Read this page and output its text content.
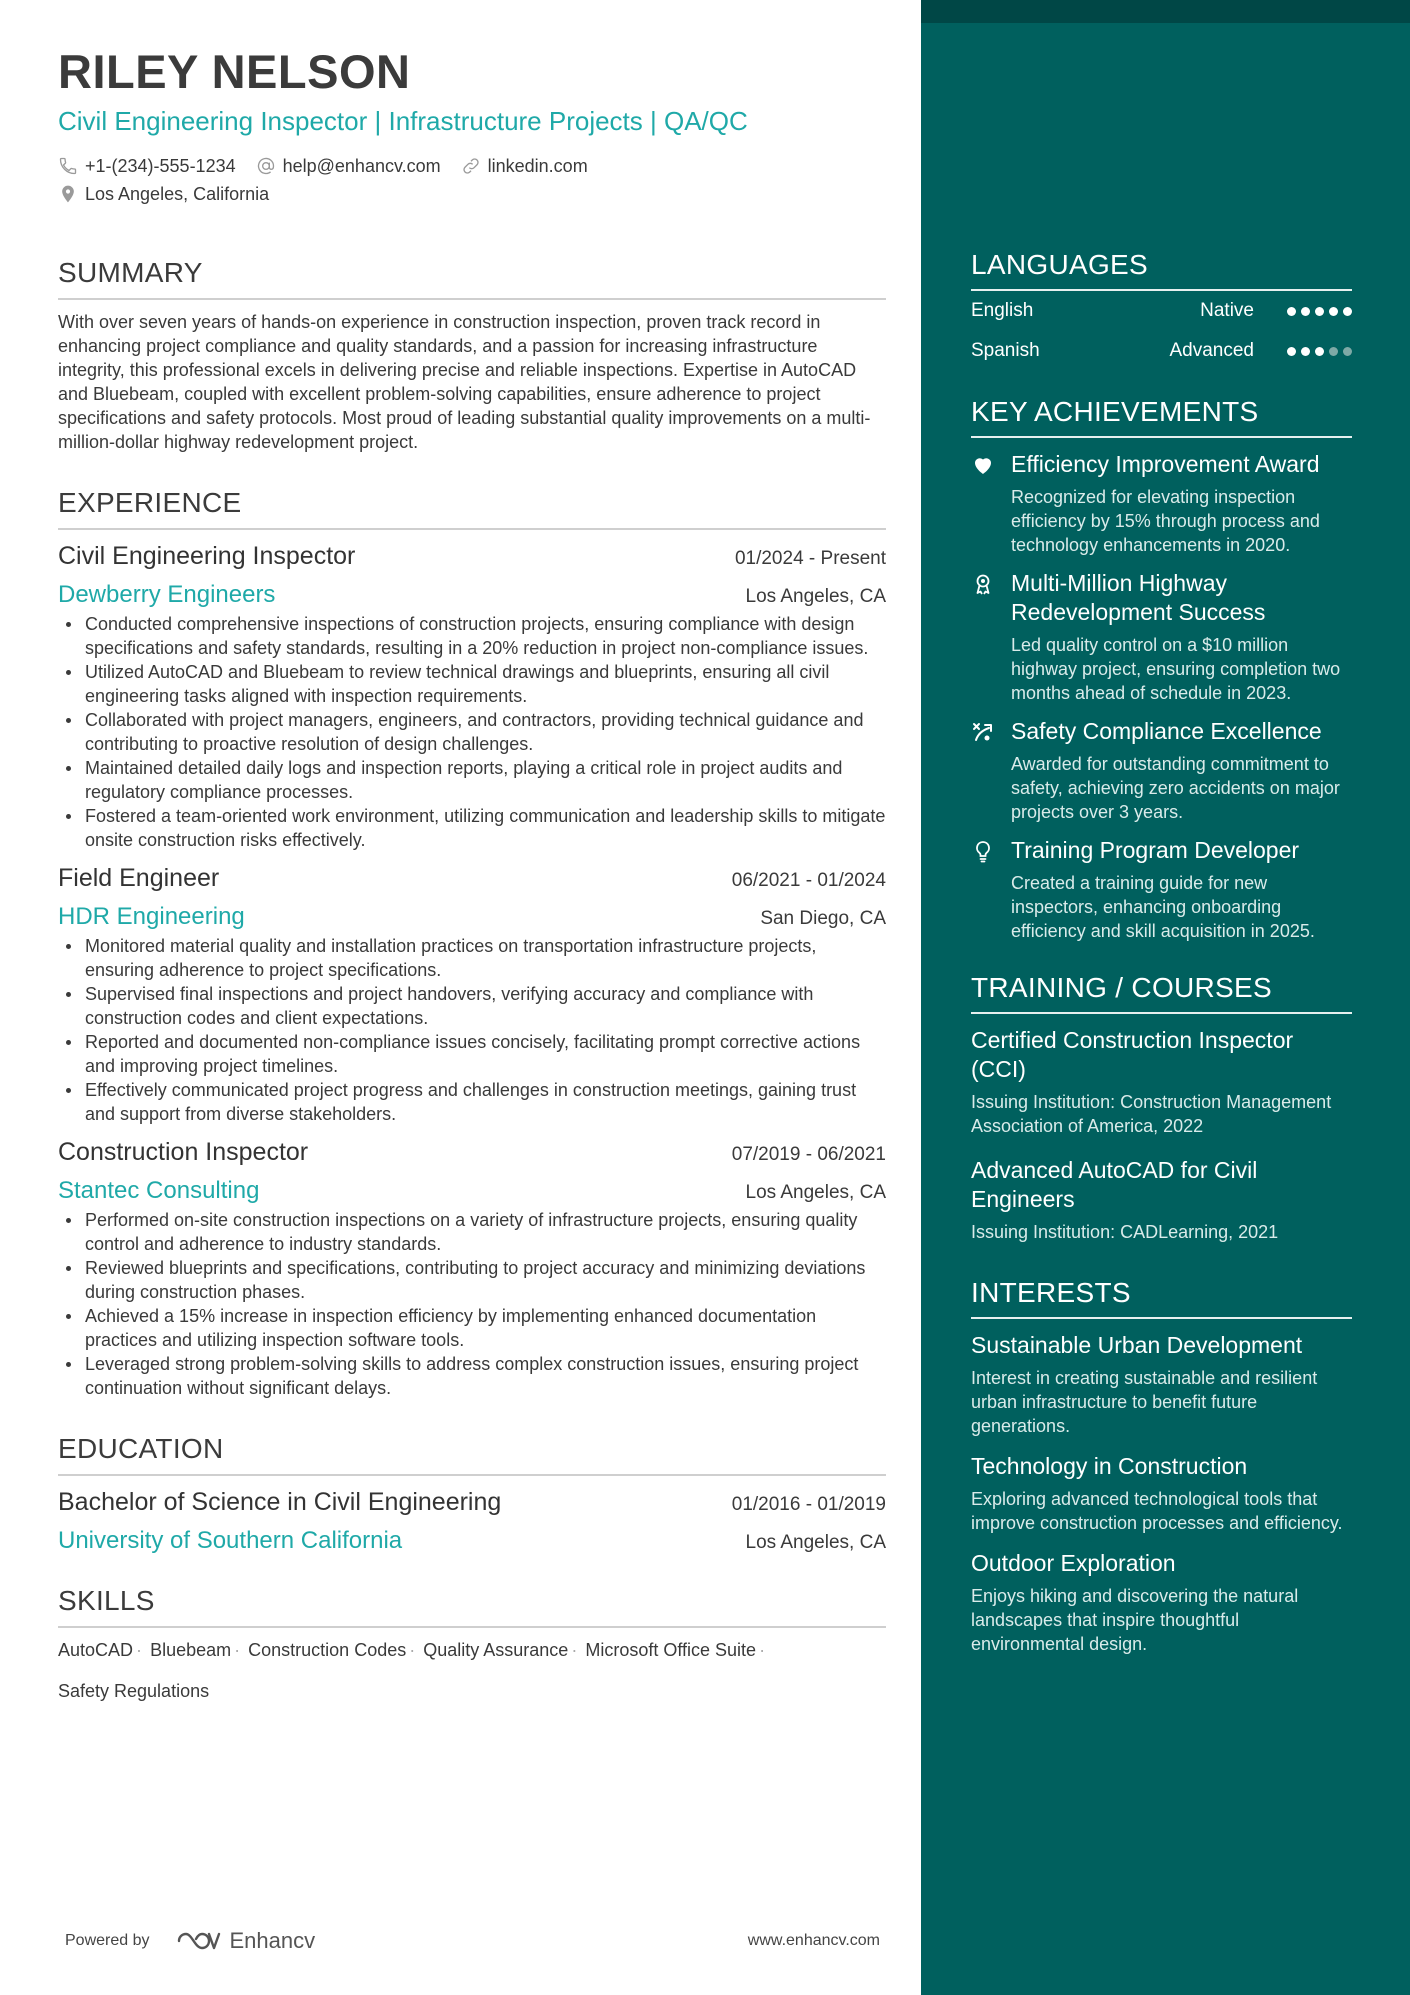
RILEY NELSON
Civil Engineering Inspector | Infrastructure Projects | QA/QC
+1-(234)-555-1234	help@enhancv.com	linkedin.com
Los Angeles, California
SUMMARY

With over seven years of hands-on experience in construction inspection, proven track record in enhancing project compliance and quality standards, and a passion for increasing infrastructure integrity, this professional excels in delivering precise and reliable inspections. Expertise in AutoCAD and Bluebeam, coupled with excellent problem-solving capabilities, ensure adherence to project specifications and safety protocols. Most proud of leading substantial quality improvements on a multi-million-dollar highway redevelopment project.

EXPERIENCE
Civil Engineering Inspector	01/2024 - Present
Dewberry Engineers	Los Angeles, CA
Conducted comprehensive inspections of construction projects, ensuring compliance with design specifications and safety standards, resulting in a 20% reduction in project non-compliance issues.
Utilized AutoCAD and Bluebeam to review technical drawings and blueprints, ensuring all civil engineering tasks aligned with inspection requirements.
Collaborated with project managers, engineers, and contractors, providing technical guidance and contributing to proactive resolution of design challenges.
Maintained detailed daily logs and inspection reports, playing a critical role in project audits and regulatory compliance processes.
Fostered a team-oriented work environment, utilizing communication and leadership skills to mitigate onsite construction risks effectively.
Field Engineer	06/2021 - 01/2024
HDR Engineering	San Diego, CA
Monitored material quality and installation practices on transportation infrastructure projects, ensuring adherence to project specifications.
Supervised final inspections and project handovers, verifying accuracy and compliance with construction codes and client expectations.
Reported and documented non-compliance issues concisely, facilitating prompt corrective actions and improving project timelines.
Effectively communicated project progress and challenges in construction meetings, gaining trust and support from diverse stakeholders.
Construction Inspector	07/2019 - 06/2021
Stantec Consulting	Los Angeles, CA
Performed on-site construction inspections on a variety of infrastructure projects, ensuring quality control and adherence to industry standards.
Reviewed blueprints and specifications, contributing to project accuracy and minimizing deviations during construction phases.
Achieved a 15% increase in inspection efficiency by implementing enhanced documentation practices and utilizing inspection software tools.
Leveraged strong problem-solving skills to address complex construction issues, ensuring project continuation without significant delays.
EDUCATION
Bachelor of Science in Civil Engineering	01/2016 - 01/2019
University of Southern California	Los Angeles, CA
SKILLS
AutoCAD · Bluebeam · Construction Codes · Quality Assurance · Microsoft Office Suite ·
Safety Regulations
Powered by	Enhancv	www.enhancv.com
LANGUAGES
English	Native
Spanish	Advanced
KEY ACHIEVEMENTS
Efficiency Improvement Award
Recognized for elevating inspection efficiency by 15% through process and technology enhancements in 2020.
Multi-Million Highway Redevelopment Success
Led quality control on a $10 million highway project, ensuring completion two months ahead of schedule in 2023.
Safety Compliance Excellence
Awarded for outstanding commitment to safety, achieving zero accidents on major projects over 3 years.
Training Program Developer
Created a training guide for new inspectors, enhancing onboarding efficiency and skill acquisition in 2025.
TRAINING / COURSES
Certified Construction Inspector (CCI)
Issuing Institution: Construction Management Association of America, 2022
Advanced AutoCAD for Civil Engineers
Issuing Institution: CADLearning, 2021
INTERESTS
Sustainable Urban Development
Interest in creating sustainable and resilient urban infrastructure to benefit future generations.
Technology in Construction
Exploring advanced technological tools that improve construction processes and efficiency.
Outdoor Exploration
Enjoys hiking and discovering the natural landscapes that inspire thoughtful environmental design.
